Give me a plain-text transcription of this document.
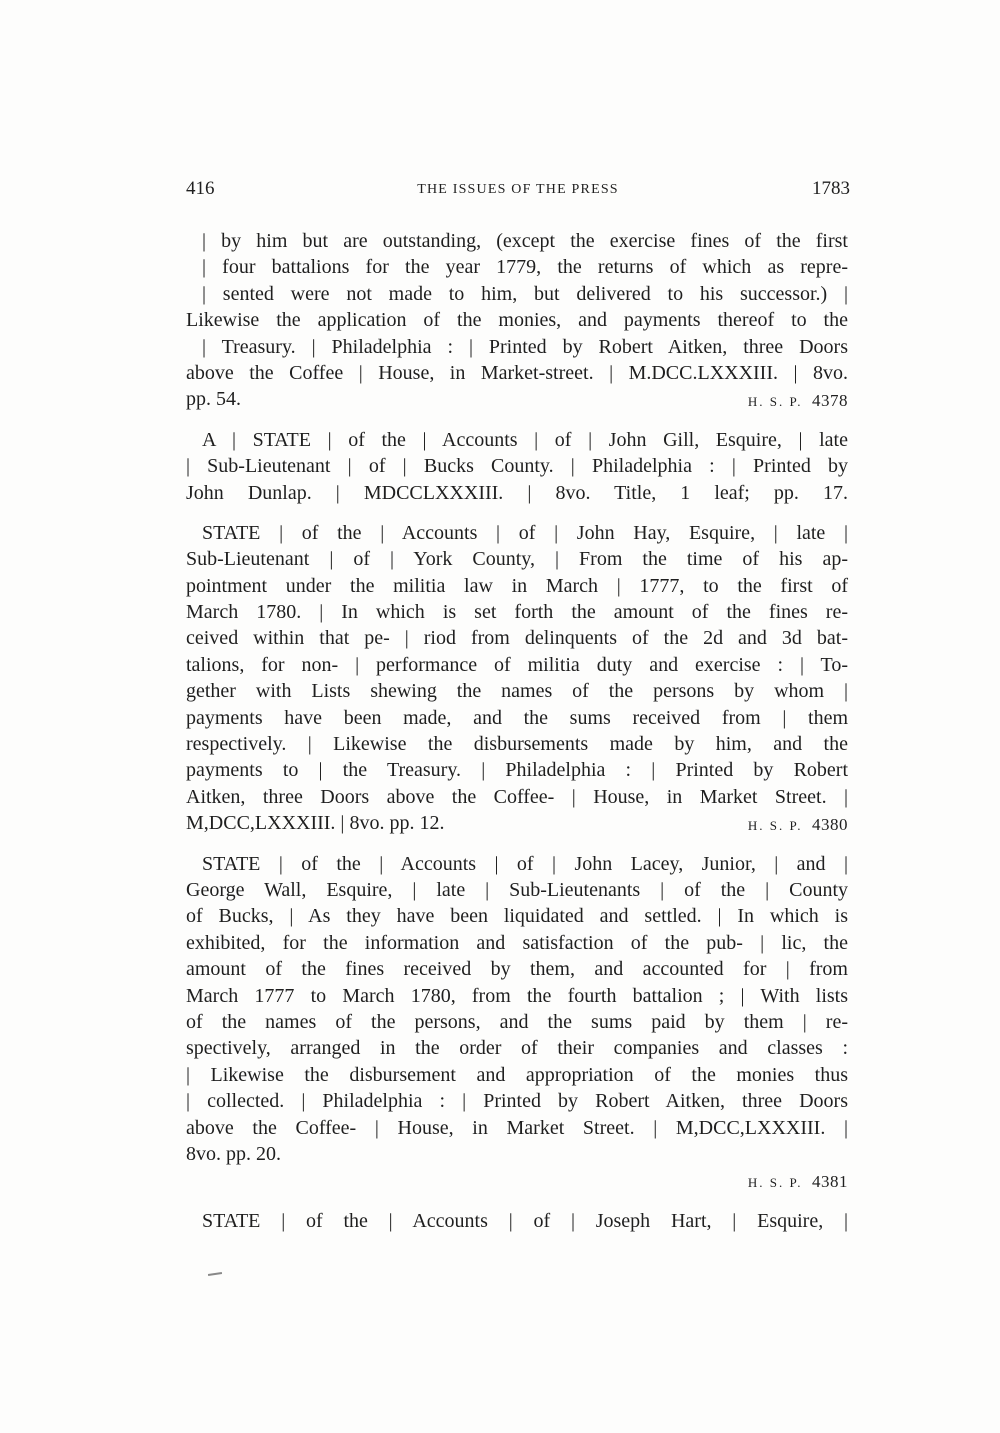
416	THE ISSUES OF THE PRESS	1783
| by him but are outstanding, (except the exercise fines of the first
| four battalions for the year 1779, the returns of which as repre-
| sented were not made to him, but delivered to his successor.) |
Likewise the application of the monies, and payments thereof to the
| Treasury. | Philadelphia : | Printed by Robert Aitken, three Doors
above the Coffee | House, in Market-street. | M.DCC.LXXXIII. | 8vo.
pp. 54.	H. S. P. 4378
A | STATE | of the | Accounts | of | John Gill, Esquire, | late
| Sub-Lieutenant | of | Bucks County. | Philadelphia : | Printed by
John Dunlap. | MDCCLXXXIII. | 8vo. Title, 1 leaf; pp. 17.
STATE | of the | Accounts | of | John Hay, Esquire, | late |
Sub-Lieutenant | of | York County, | From the time of his ap-
pointment under the militia law in March | 1777, to the first of
March 1780. | In which is set forth the amount of the fines re-
ceived within that pe- | riod from delinquents of the 2d and 3d bat-
talions, for non- | performance of militia duty and exercise : | To-
gether with Lists shewing the names of the persons by whom |
payments have been made, and the sums received from | them
respectively. | Likewise the disbursements made by him, and the
payments to | the Treasury. | Philadelphia : | Printed by Robert
Aitken, three Doors above the Coffee- | House, in Market Street. |
M,DCC,LXXXIII. | 8vo. pp. 12.	H. S. P. 4380
STATE | of the | Accounts | of | John Lacey, Junior, | and |
George Wall, Esquire, | late | Sub-Lieutenants | of the | County
of Bucks, | As they have been liquidated and settled. | In which is
exhibited, for the information and satisfaction of the pub- | lic, the
amount of the fines received by them, and accounted for | from
March 1777 to March 1780, from the fourth battalion ; | With lists
of the names of the persons, and the sums paid by them | re-
spectively, arranged in the order of their companies and classes :
| Likewise the disbursement and appropriation of the monies thus
| collected. | Philadelphia : | Printed by Robert Aitken, three Doors
above the Coffee- | House, in Market Street. | M,DCC,LXXXIII. |
8vo. pp. 20.
H. S. P. 4381
STATE | of the | Accounts | of | Joseph Hart, | Esquire, |
